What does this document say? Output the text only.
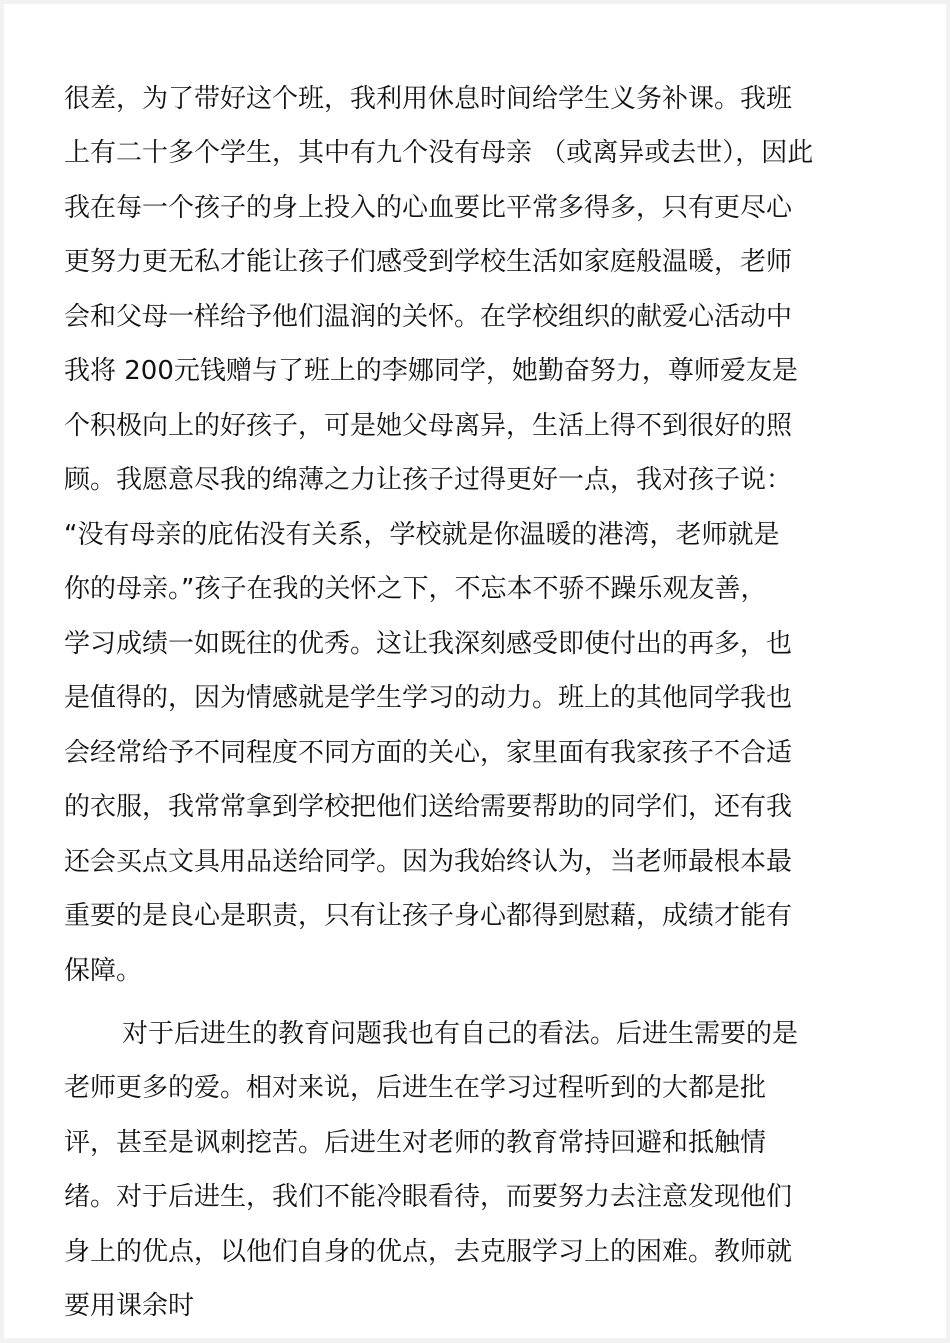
很差，为了带好这个班，我利用休息时间给学生义务补课。我班
上有二十多个学生，其中有九个没有母亲 （或离异或去世），因此
我在每一个孩子的身上投入的心血要比平常多得多，只有更尽心
更努力更无私才能让孩子们感受到学校生活如家庭般温暖，老师
会和父母一样给予他们温润的关怀。在学校组织的献爱心活动中
我将 200元钱赠与了班上的李娜同学，她勤奋努力，尊师爱友是
个积极向上的好孩子，可是她父母离异，生活上得不到很好的照
顾。我愿意尽我的绵薄之力让孩子过得更好一点，我对孩子说：
“没有母亲的庇佑没有关系，学校就是你温暖的港湾，老师就是
你的母亲。”孩子在我的关怀之下，不忘本不骄不躁乐观友善，
学习成绩一如既往的优秀。这让我深刻感受即使付出的再多，也
是值得的，因为情感就是学生学习的动力。班上的其他同学我也
会经常给予不同程度不同方面的关心，家里面有我家孩子不合适
的衣服，我常常拿到学校把他们送给需要帮助的同学们，还有我
还会买点文具用品送给同学。因为我始终认为，当老师最根本最
重要的是良心是职责，只有让孩子身心都得到慰藉，成绩才能有
保障。
对于后进生的教育问题我也有自己的看法。后进生需要的是
老师更多的爱。相对来说，后进生在学习过程听到的大都是批
评，甚至是讽刺挖苦。后进生对老师的教育常持回避和抵触情
绪。对于后进生，我们不能冷眼看待，而要努力去注意发现他们
身上的优点，以他们自身的优点，去克服学习上的困难。教师就
要用课余时
